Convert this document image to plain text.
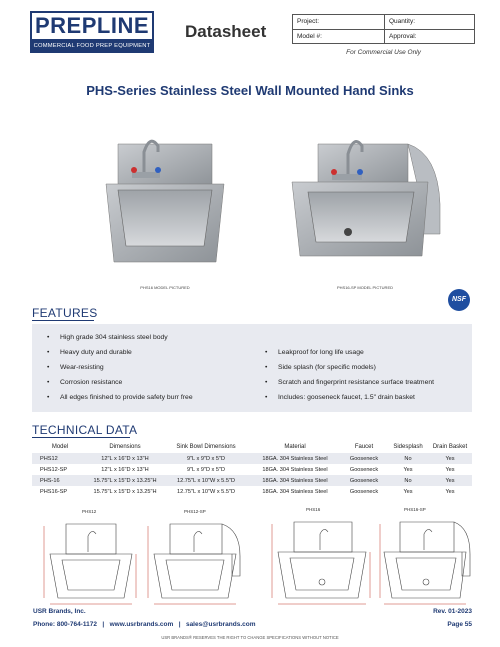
PREPLINE
COMMERCIAL FOOD PREP EQUIPMENT
Datasheet
Project:	Quantity:
Model #:	Approval:
For Commercial Use Only
PHS-Series Stainless Steel Wall Mounted Hand Sinks
PHS16 MODEL PICTURED	PHS16-SP MODEL PICTURED
NSF
FEATURES
• High grade 304 stainless steel body
• Heavy duty and durable
• Wear-resisting
• Corrosion resistance
• All edges finished to provide safety burr free
• Leakproof for long life usage
• Side splash (for specific models)
• Scratch and fingerprint resistance surface treatment
• Includes: gooseneck faucet, 1.5" drain basket
TECHNICAL DATA
Model	Dimensions	Sink Bowl Dimensions	Material	Faucet	Sidesplash	Drain Basket
PHS12	12"L x 16"D x 13"H	9"L x 9"D x 5"D	18GA. 304 Stainless Steel	Gooseneck	No	Yes
PHS12-SP	12"L x 16"D x 13"H	9"L x 9"D x 5"D	18GA. 304 Stainless Steel	Gooseneck	Yes	Yes
PHS-16	15.75"L x 15"D x 13.25"H	12.75"L x 10"W x 5.5"D	18GA. 304 Stainless Steel	Gooseneck	No	Yes
PHS16-SP	15.75"L x 15"D x 13.25"H	12.75"L x 10"W x 5.5"D	18GA. 304 Stainless Steel	Gooseneck	Yes	Yes
PHS12	PHS12-SP	PHS16	PHS16-SP
USR Brands, Inc.
Phone: 800-764-1172   |   www.usrbrands.com   |   sales@usrbrands.com
Rev. 01-2023
Page 55
USR BRANDS® RESERVES THE RIGHT TO CHANGE SPECIFICATIONS WITHOUT NOTICE
